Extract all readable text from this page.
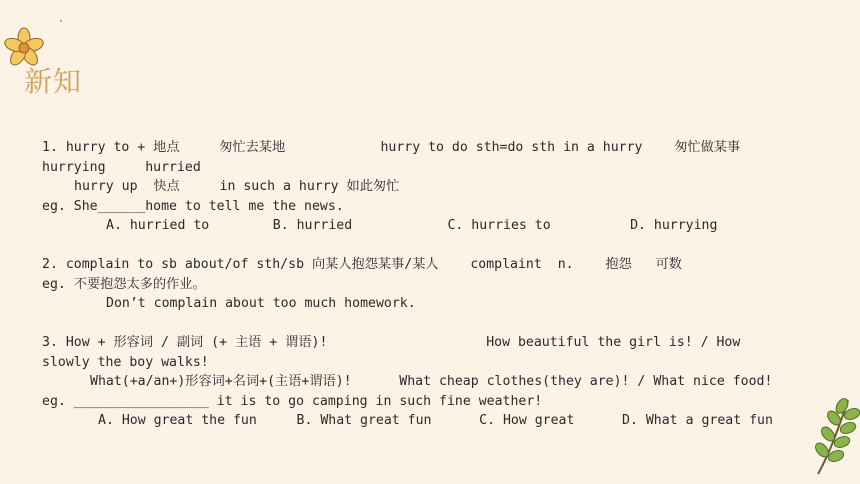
新知
1. hurry to + 地点	匆忙去某地	hurry to do sth=do sth in a hurry 匆忙做某事
hurrying	hurried
hurry up 快点	in such a hurry 如此匆忙
eg. She______home to tell me the news.
A. hurried to	B. hurried	C. hurries to	D. hurrying
2. complain to sb about/of sth/sb 向某人抱怨某事/某人 complaint n. 抱怨 可数
eg. 不要抱怨太多的作业。
Don’t complain about too much homework.
3. How + 形容词 / 副词 (+ 主语 + 谓语)!	How beautiful the girl is! / How
slowly the boy walks!
What(+a/an+)形容词+名词+(主语+谓语)!	What cheap clothes(they are)! / What nice food!
eg. _________________ it is to go camping in such fine weather!
A. How great the fun	B. What great fun	C. How great	D. What a great fun
